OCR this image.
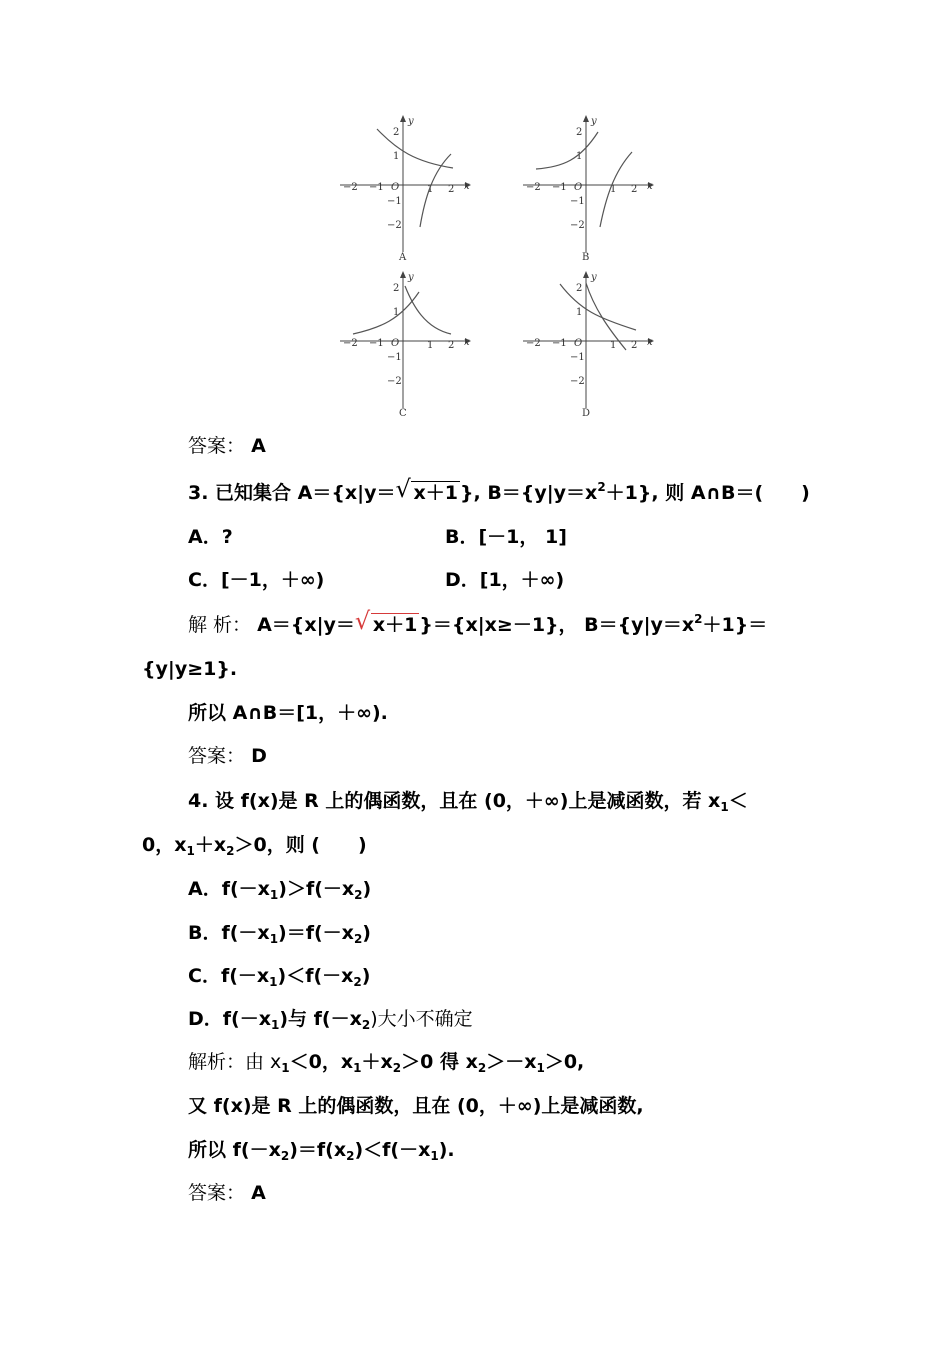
−2 −1 O	1 2 x
2
1
−1
−2
y
A
−2 −1 O	1 2 x
2
1
−1
−2
y
B
−2 −1 O	1 2 x
2
1
−1
−2
y
C
−2 −1 O	1 2 x
2
1
−1
−2
y
D
答案： A
3. 已知集合 A＝{x|y＝ √ x＋1 }, $B=\{y|y=x^2+1\}$, 则 A∩B＝(　　)
A．?	B．[－1， 1]
C．[－1，＋∞)	D．[1，＋∞)
解 析： A＝{x|y＝ √ x＋1 }＝{x|x≥－1}， $B=\{y|y=x^2+1\}=$
{y|y≥1}.
所以 A∩B＝[1，＋∞).
答案： D
4. 设 f(x)是 R 上的偶函数，且在 (0，＋∞)上是减函数，若 $x_1<$
0，$x_1+x_2>0$，则 (　　)
A．$f(-x_1)>f(-x_2)$
B．$f(-x_1)=f(-x_2)$
C．$f(-x_1)<f(-x_2)$
D．$f(-x_1)$与 $f(-x_2)$大小不确定
解析：由 $x_1<0$，$x_1+x_2>0$ 得 $x_2>-x_1>0$,
又 f(x)是 R 上的偶函数，且在 (0，＋∞)上是减函数,
所以 $f(-x_2)=f(x_2)<f(-x_1)$.
答案： A
